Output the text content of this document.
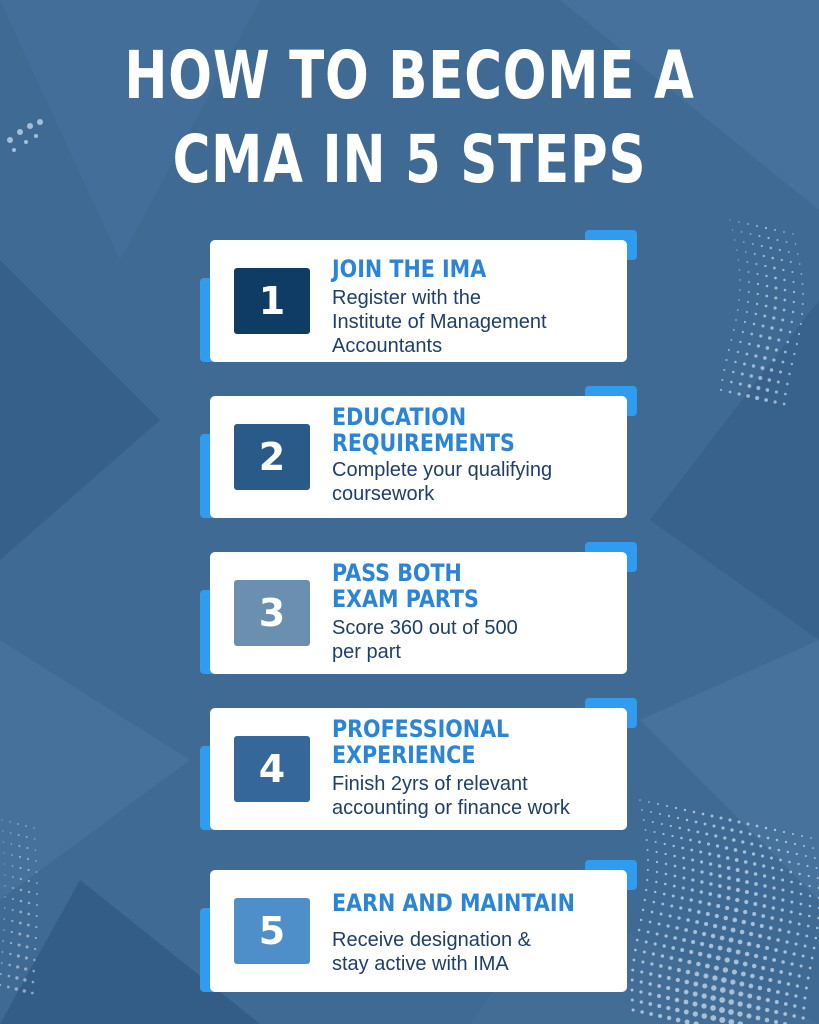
HOW TO BECOME A
CMA IN 5 STEPS
1
JOIN THE IMA
Register with the
Institute of Management
Accountants
2
EDUCATION
REQUIREMENTS
Complete your qualifying
coursework
3
PASS BOTH
EXAM PARTS
Score 360 out of 500
per part
4
PROFESSIONAL
EXPERIENCE
Finish 2yrs of relevant
accounting or finance work
5
EARN AND MAINTAIN
Receive designation &
stay active with IMA
